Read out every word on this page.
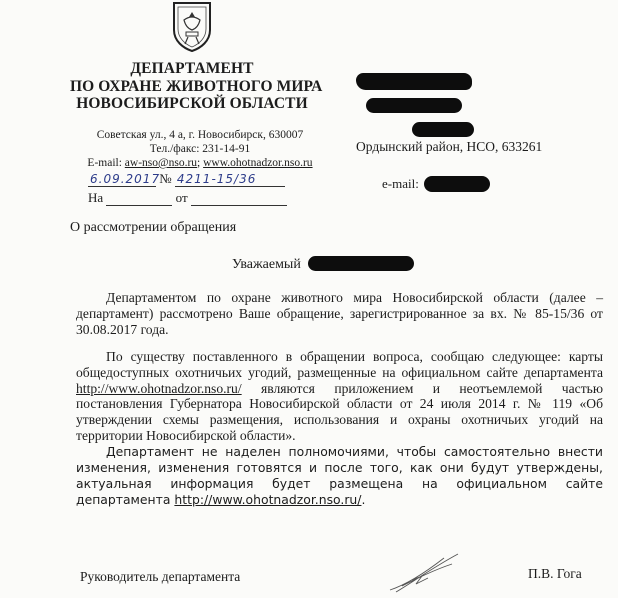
ДЕПАРТАМЕНТ
ПО ОХРАНЕ ЖИВОТНОГО МИРА
НОВОСИБИРСКОЙ ОБЛАСТИ
Советская ул., 4 а, г. Новосибирск, 630007
Тел./факс: 231-14-91
E-mail: aw-nso@nso.ru; www.ohotnadzor.nso.ru
6.09.2017 № 4211-15/36
На	от
Ордынский район, НСО, 633261
e-mail:
О рассмотрении обращения
Уважаемый
Департаментом по охране животного мира Новосибирской области (далее – департамент) рассмотрено Ваше обращение, зарегистрированное за вх. № 85-15/36 от 30.08.2017 года.
По существу поставленного в обращении вопроса, сообщаю следующее: карты общедоступных охотничьих угодий, размещенные на официальном сайте департамента http://www.ohotnadzor.nso.ru/ являются приложением и неотъемлемой частью постановления Губернатора Новосибирской области от 24 июля 2014 г. № 119 «Об утверждении схемы размещения, использования и охраны охотничьих угодий на территории Новосибирской области».
Департамент не наделен полномочиями, чтобы самостоятельно внести изменения, изменения готовятся и после того, как они будут утверждены, актуальная информация будет размещена на официальном сайте департамента http://www.ohotnadzor.nso.ru/.
Руководитель департамента	П.В. Гога
